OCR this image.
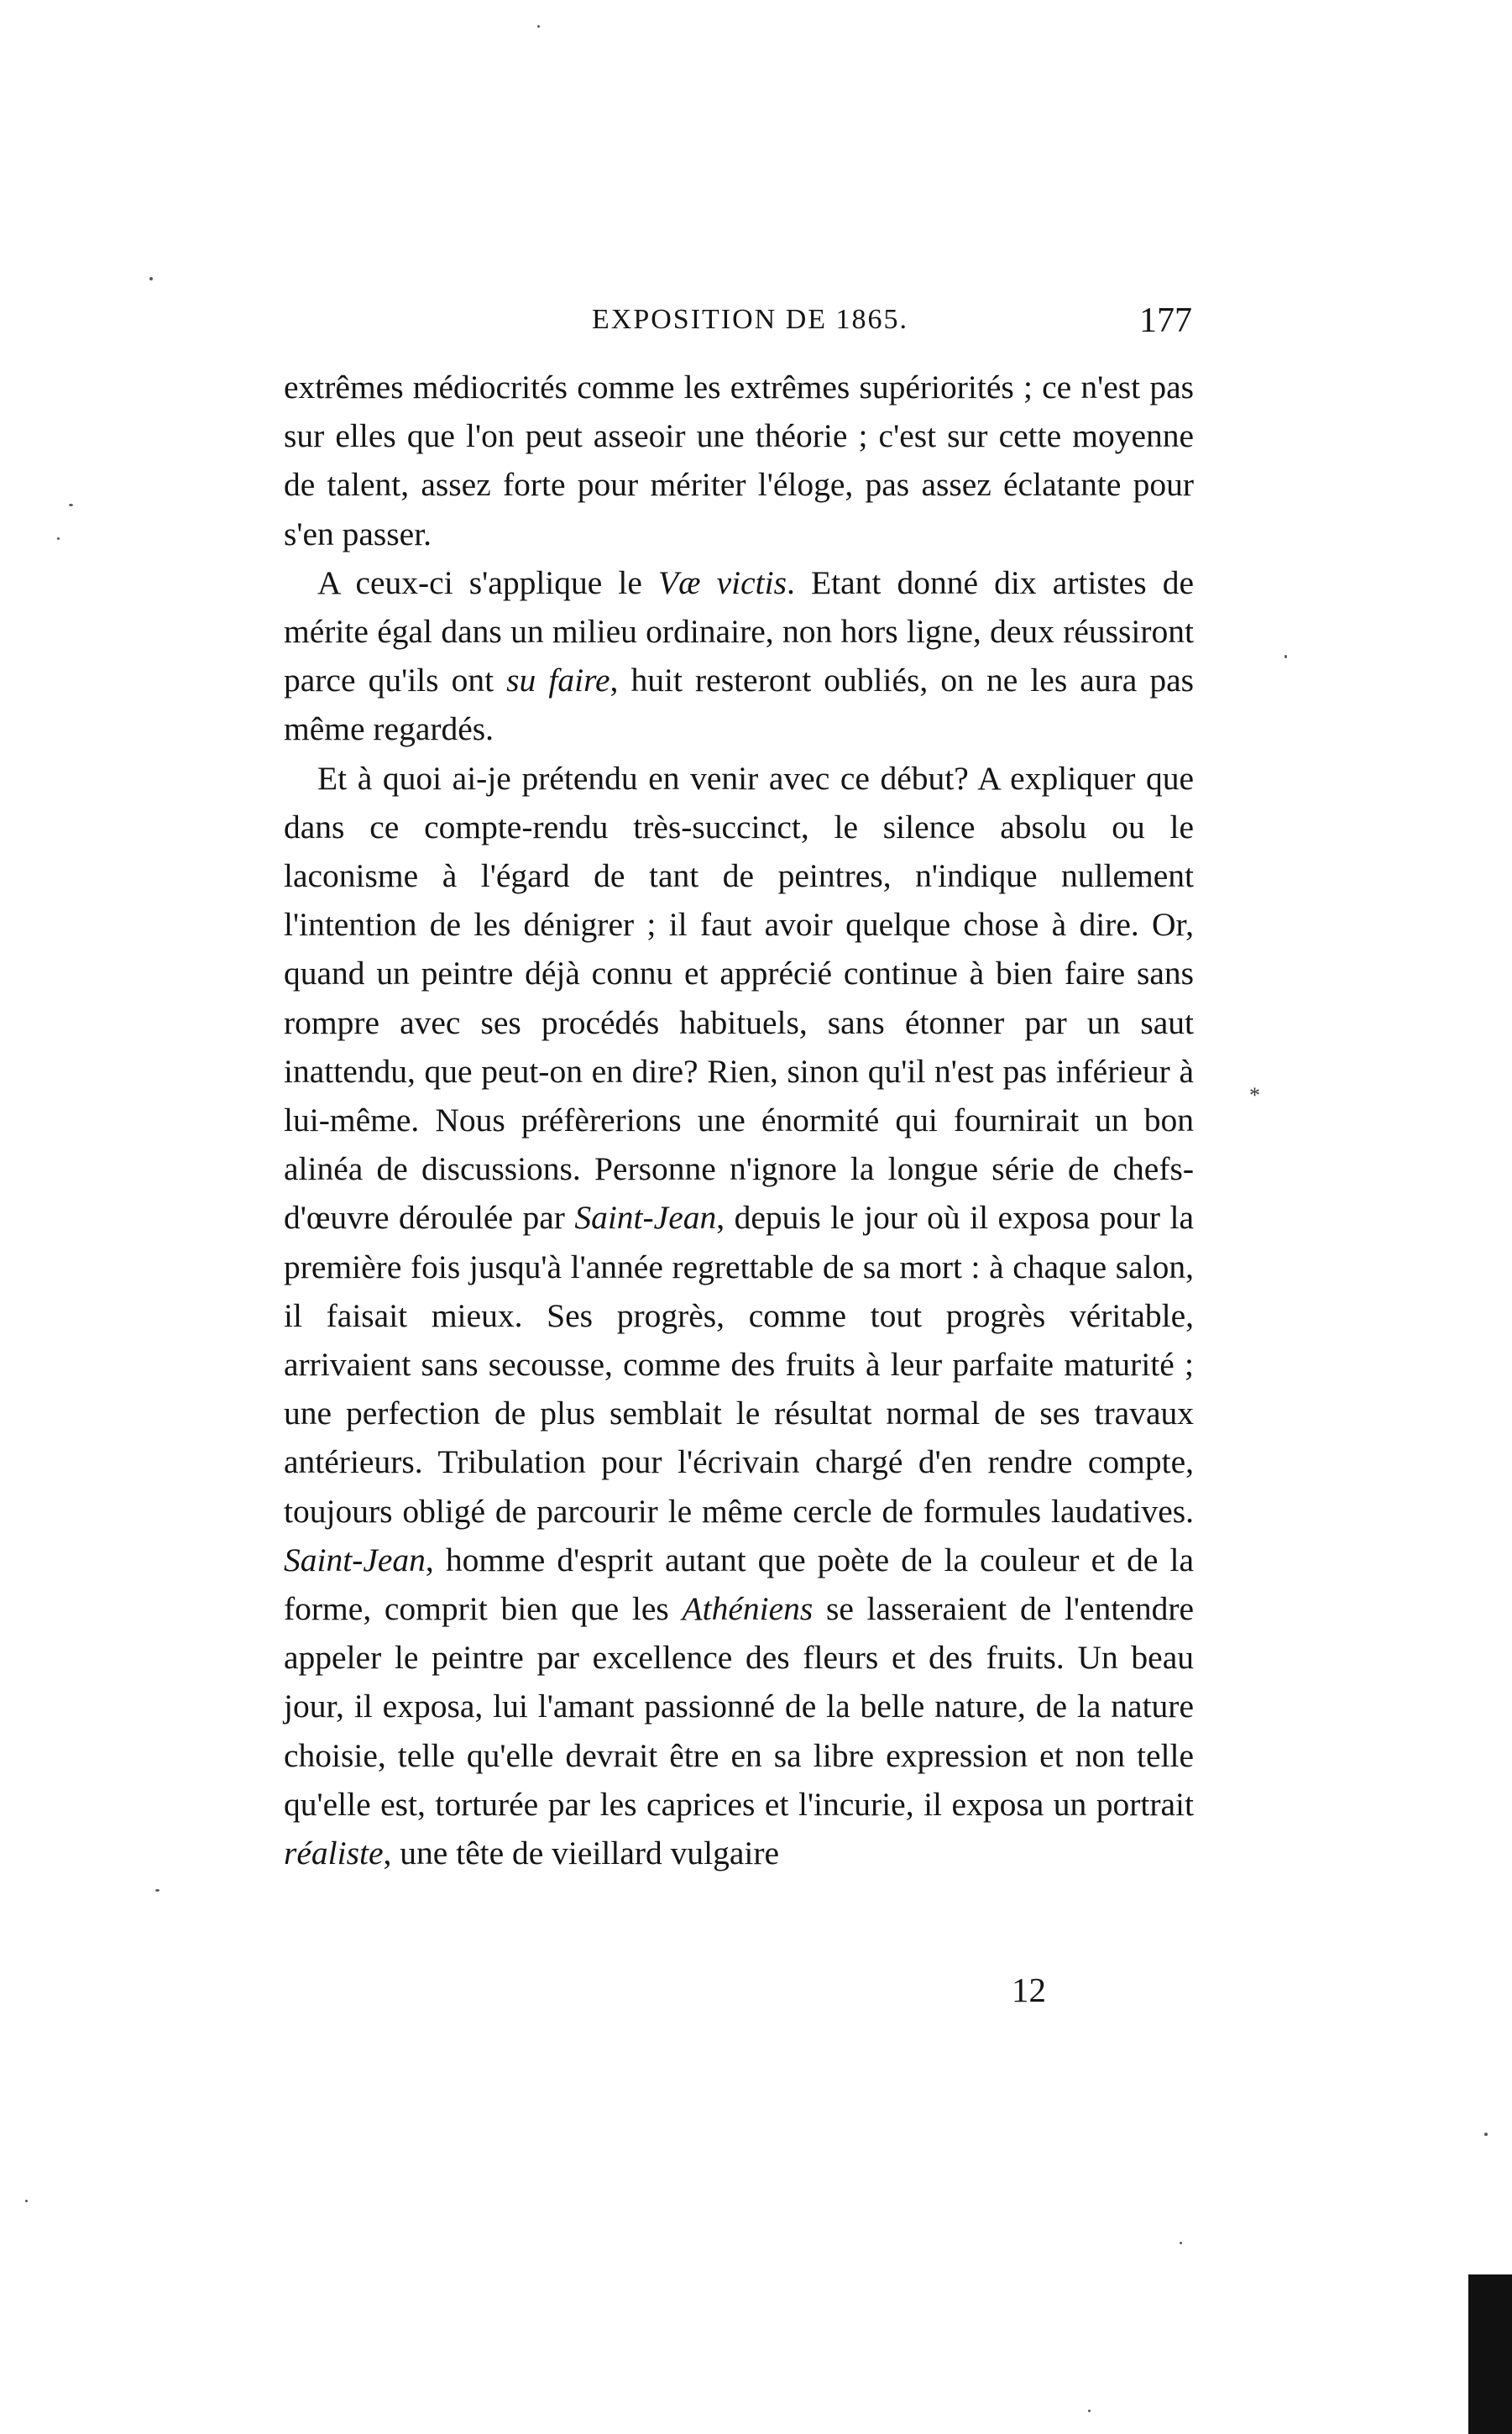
EXPOSITION DE 1865.	177

extrêmes médiocrités comme les extrêmes supériorités ; ce n'est pas sur elles que l'on peut asseoir une théorie ; c'est sur cette moyenne de talent, assez forte pour mériter l'éloge, pas assez éclatante pour s'en passer.

A ceux-ci s'applique le Væ victis. Etant donné dix artistes de mérite égal dans un milieu ordinaire, non hors ligne, deux réussiront parce qu'ils ont su faire, huit resteront oubliés, on ne les aura pas même regardés.

Et à quoi ai-je prétendu en venir avec ce début? A expliquer que dans ce compte-rendu très-succinct, le silence absolu ou le laconisme à l'égard de tant de peintres, n'indique nullement l'intention de les dénigrer ; il faut avoir quelque chose à dire. Or, quand un peintre déjà connu et apprécié continue à bien faire sans rompre avec ses procédés habituels, sans étonner par un saut inattendu, que peut-on en dire? Rien, sinon qu'il n'est pas inférieur à lui-même. Nous préfèrerions une énormité qui fournirait un bon alinéa de discussions. Personne n'ignore la longue série de chefs-d'œuvre déroulée par Saint-Jean, depuis le jour où il exposa pour la première fois jusqu'à l'année regrettable de sa mort : à chaque salon, il faisait mieux. Ses progrès, comme tout progrès véritable, arrivaient sans secousse, comme des fruits à leur parfaite maturité ; une perfection de plus semblait le résultat normal de ses travaux antérieurs. Tribulation pour l'écrivain chargé d'en rendre compte, toujours obligé de parcourir le même cercle de formules laudatives. Saint-Jean, homme d'esprit autant que poète de la couleur et de la forme, comprit bien que les Athéniens se lasseraient de l'entendre appeler le peintre par excellence des fleurs et des fruits. Un beau jour, il exposa, lui l'amant passionné de la belle nature, de la nature choisie, telle qu'elle devrait être en sa libre expression et non telle qu'elle est, torturée par les caprices et l'incurie, il exposa un portrait réaliste, une tête de vieillard vulgaire

12
*
